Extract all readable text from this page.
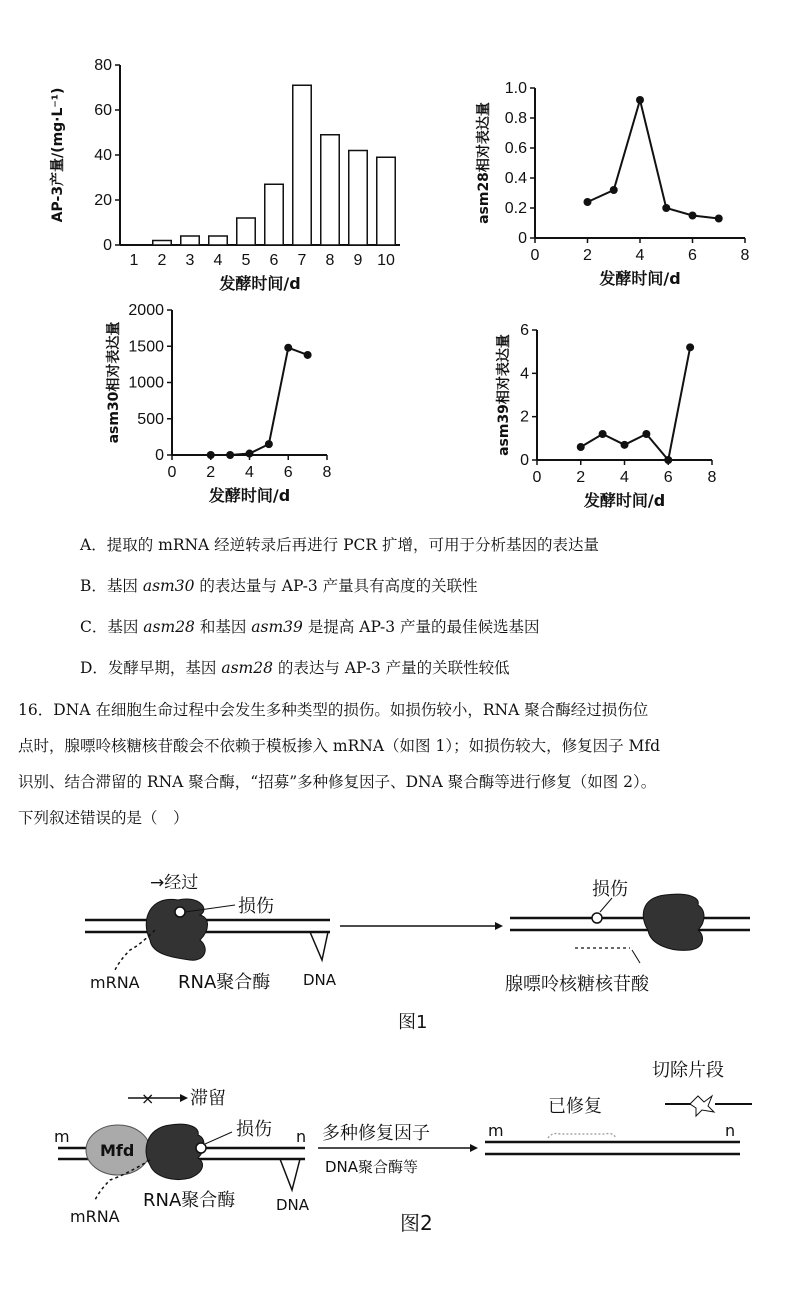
0
20
40
60
80
AP-3产量/(mg·L⁻¹)
1 2 3 4 5 6 7 8 9 10
发酵时间/d
0
0.2
0.4
0.6
0.8
1.0
asm28相对表达量
0	2	4	6	8
发酵时间/d
0
500
1000
1500
2000
asm30相对表达量
0 2 4 6 8
发酵时间/d
0
2
4
6
asm39相对表达量
0 2 4 6 8
发酵时间/d
A．提取的 mRNA 经逆转录后再进行 PCR 扩增，可用于分析基因的表达量
B．基因 asm30 的表达量与 AP-3 产量具有高度的关联性
C．基因 asm28 和基因 asm39 是提高 AP-3 产量的最佳候选基因
D．发酵早期，基因 asm28 的表达与 AP-3 产量的关联性较低
16．DNA 在细胞生命过程中会发生多种类型的损伤。如损伤较小，RNA 聚合酶经过损伤位
点时，腺嘌呤核糖核苷酸会不依赖于模板掺入 mRNA（如图 1）；如损伤较大，修复因子 Mfd
识别、结合滞留的 RNA 聚合酶，“招募”多种修复因子、DNA 聚合酶等进行修复（如图 2）。
下列叙述错误的是（　）
→经过
损伤
mRNA RNA聚合酶 DNA
损伤
腺嘌呤核糖核苷酸
图1
Mfd
× 滞留
损伤
m	n
mRNA
RNA聚合酶	DNA
多种修复因子
DNA聚合酶等
已修复
m	n
切除片段
图2
